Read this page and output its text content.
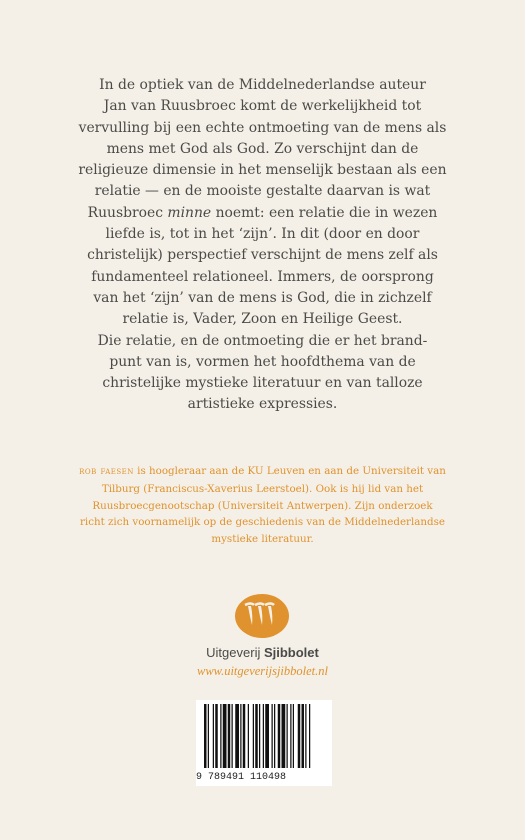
In de optiek van de Middelnederlandse auteur
Jan van Ruusbroec komt de werkelijkheid tot
vervulling bij een echte ontmoeting van de mens als
mens met God als God. Zo verschijnt dan de
religieuze dimensie in het menselijk bestaan als een
relatie — en de mooiste gestalte daarvan is wat
Ruusbroec minne noemt: een relatie die in wezen
liefde is, tot in het ‘zijn’. In dit (door en door
christelijk) perspectief verschijnt de mens zelf als
fundamenteel relationeel. Immers, de oorsprong
van het ‘zijn’ van de mens is God, die in zichzelf
relatie is, Vader, Zoon en Heilige Geest.
Die relatie, en de ontmoeting die er het brand-
punt van is, vormen het hoofdthema van de
christelijke mystieke literatuur en van talloze
artistieke expressies.
rob faesen is hoogleraar aan de KU Leuven en aan de Universiteit van
Tilburg (Franciscus-Xaverius Leerstoel). Ook is hij lid van het
Ruusbroecgenootschap (Universiteit Antwerpen). Zijn onderzoek
richt zich voornamelijk op de geschiedenis van de Middelnederlandse
mystieke literatuur.
Uitgeverij Sjibbolet
www.uitgeverijsjibbolet.nl
9 789491 110498
